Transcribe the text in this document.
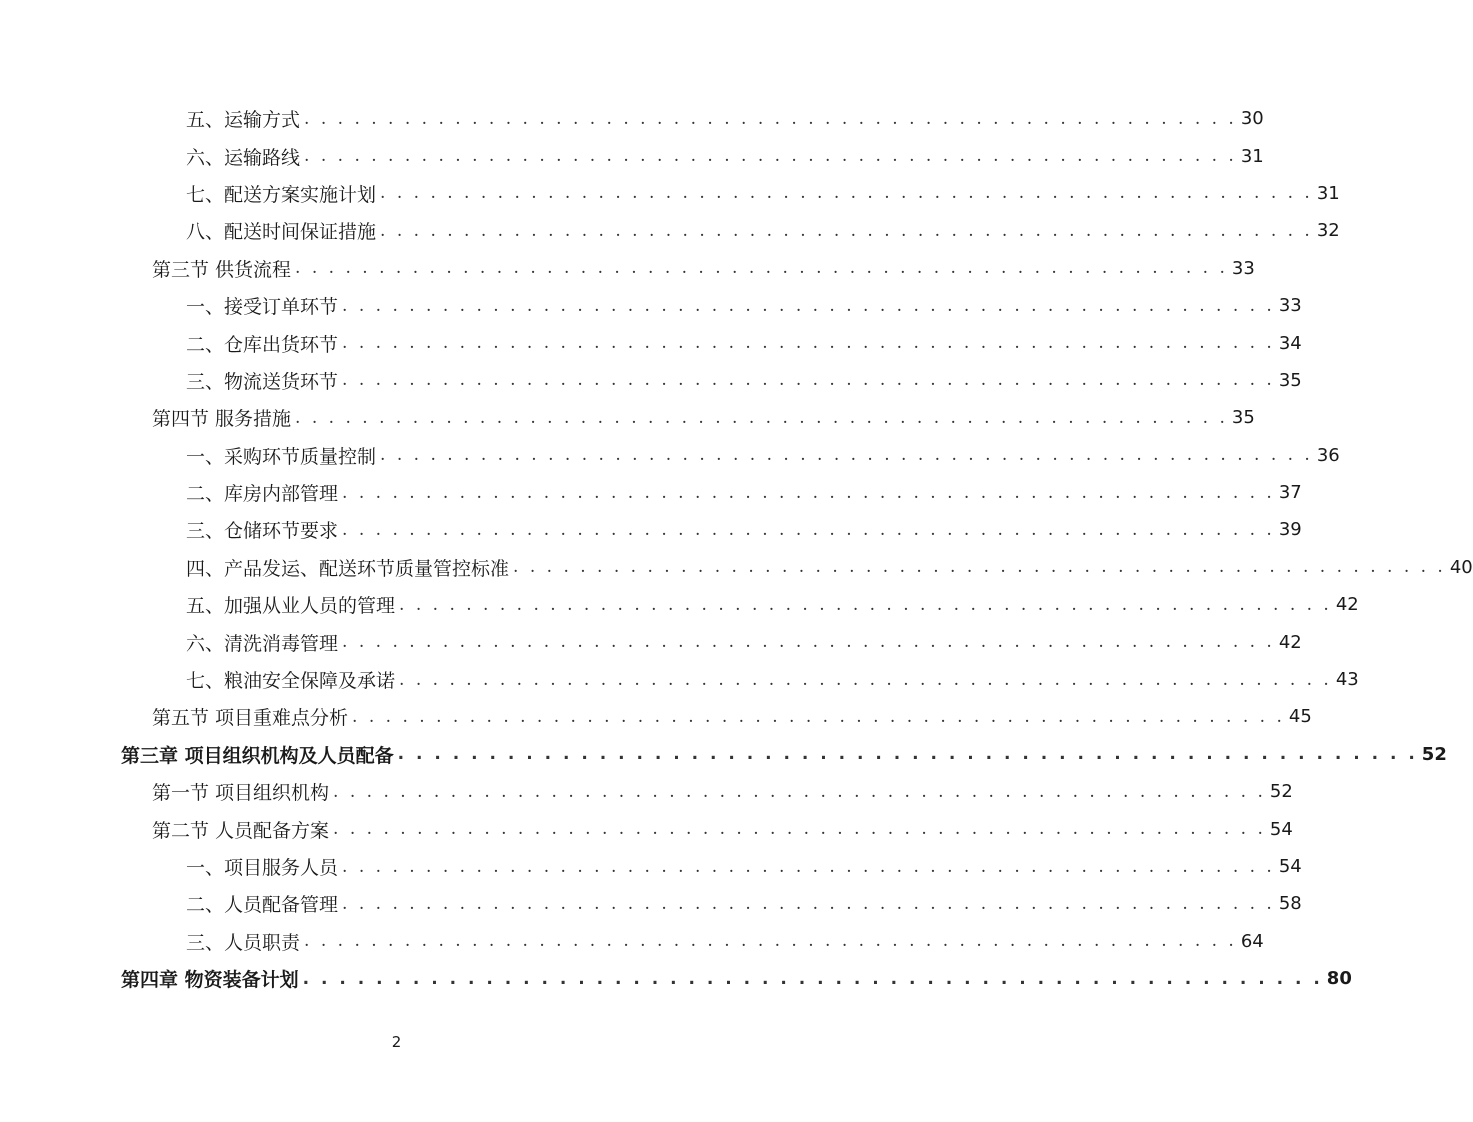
五、运输方式 . . . . . . . . . . . . . . . . . . . . . . . . . . . . . . . . . . . . . . . . . . . . . . . . . . . . . . . . 30
六、运输路线 . . . . . . . . . . . . . . . . . . . . . . . . . . . . . . . . . . . . . . . . . . . . . . . . . . . . . . . . 31
七、配送方案实施计划 . . . . . . . . . . . . . . . . . . . . . . . . . . . . . . . . . . . . . . . . . . . . . . . . . . . . . . . . 31
八、配送时间保证措施 . . . . . . . . . . . . . . . . . . . . . . . . . . . . . . . . . . . . . . . . . . . . . . . . . . . . . . . . 32
第三节 供货流程 . . . . . . . . . . . . . . . . . . . . . . . . . . . . . . . . . . . . . . . . . . . . . . . . . . . . . . . . 33
一、接受订单环节 . . . . . . . . . . . . . . . . . . . . . . . . . . . . . . . . . . . . . . . . . . . . . . . . . . . . . . . . 33
二、仓库出货环节 . . . . . . . . . . . . . . . . . . . . . . . . . . . . . . . . . . . . . . . . . . . . . . . . . . . . . . . . 34
三、物流送货环节 . . . . . . . . . . . . . . . . . . . . . . . . . . . . . . . . . . . . . . . . . . . . . . . . . . . . . . . . 35
第四节 服务措施 . . . . . . . . . . . . . . . . . . . . . . . . . . . . . . . . . . . . . . . . . . . . . . . . . . . . . . . . 35
一、采购环节质量控制 . . . . . . . . . . . . . . . . . . . . . . . . . . . . . . . . . . . . . . . . . . . . . . . . . . . . . . . . 36
二、库房内部管理 . . . . . . . . . . . . . . . . . . . . . . . . . . . . . . . . . . . . . . . . . . . . . . . . . . . . . . . . 37
三、仓储环节要求 . . . . . . . . . . . . . . . . . . . . . . . . . . . . . . . . . . . . . . . . . . . . . . . . . . . . . . . . 39
四、产品发运、配送环节质量管控标准 . . . . . . . . . . . . . . . . . . . . . . . . . . . . . . . . . . . . . . . . . . . . . . . . . . . . . . . . 40
五、加强从业人员的管理 . . . . . . . . . . . . . . . . . . . . . . . . . . . . . . . . . . . . . . . . . . . . . . . . . . . . . . . . 42
六、清洗消毒管理 . . . . . . . . . . . . . . . . . . . . . . . . . . . . . . . . . . . . . . . . . . . . . . . . . . . . . . . . 42
七、粮油安全保障及承诺 . . . . . . . . . . . . . . . . . . . . . . . . . . . . . . . . . . . . . . . . . . . . . . . . . . . . . . . . 43
第五节 项目重难点分析 . . . . . . . . . . . . . . . . . . . . . . . . . . . . . . . . . . . . . . . . . . . . . . . . . . . . . . . . 45
第三章 项目组织机构及人员配备 . . . . . . . . . . . . . . . . . . . . . . . . . . . . . . . . . . . . . . . . . . . . . . . . . . . . . . . . 52
第一节 项目组织机构 . . . . . . . . . . . . . . . . . . . . . . . . . . . . . . . . . . . . . . . . . . . . . . . . . . . . . . . . 52
第二节 人员配备方案 . . . . . . . . . . . . . . . . . . . . . . . . . . . . . . . . . . . . . . . . . . . . . . . . . . . . . . . . 54
一、项目服务人员 . . . . . . . . . . . . . . . . . . . . . . . . . . . . . . . . . . . . . . . . . . . . . . . . . . . . . . . . 54
二、人员配备管理 . . . . . . . . . . . . . . . . . . . . . . . . . . . . . . . . . . . . . . . . . . . . . . . . . . . . . . . . 58
三、人员职责 . . . . . . . . . . . . . . . . . . . . . . . . . . . . . . . . . . . . . . . . . . . . . . . . . . . . . . . . 64
第四章 物资装备计划 . . . . . . . . . . . . . . . . . . . . . . . . . . . . . . . . . . . . . . . . . . . . . . . . . . . . . . . . 80
2
